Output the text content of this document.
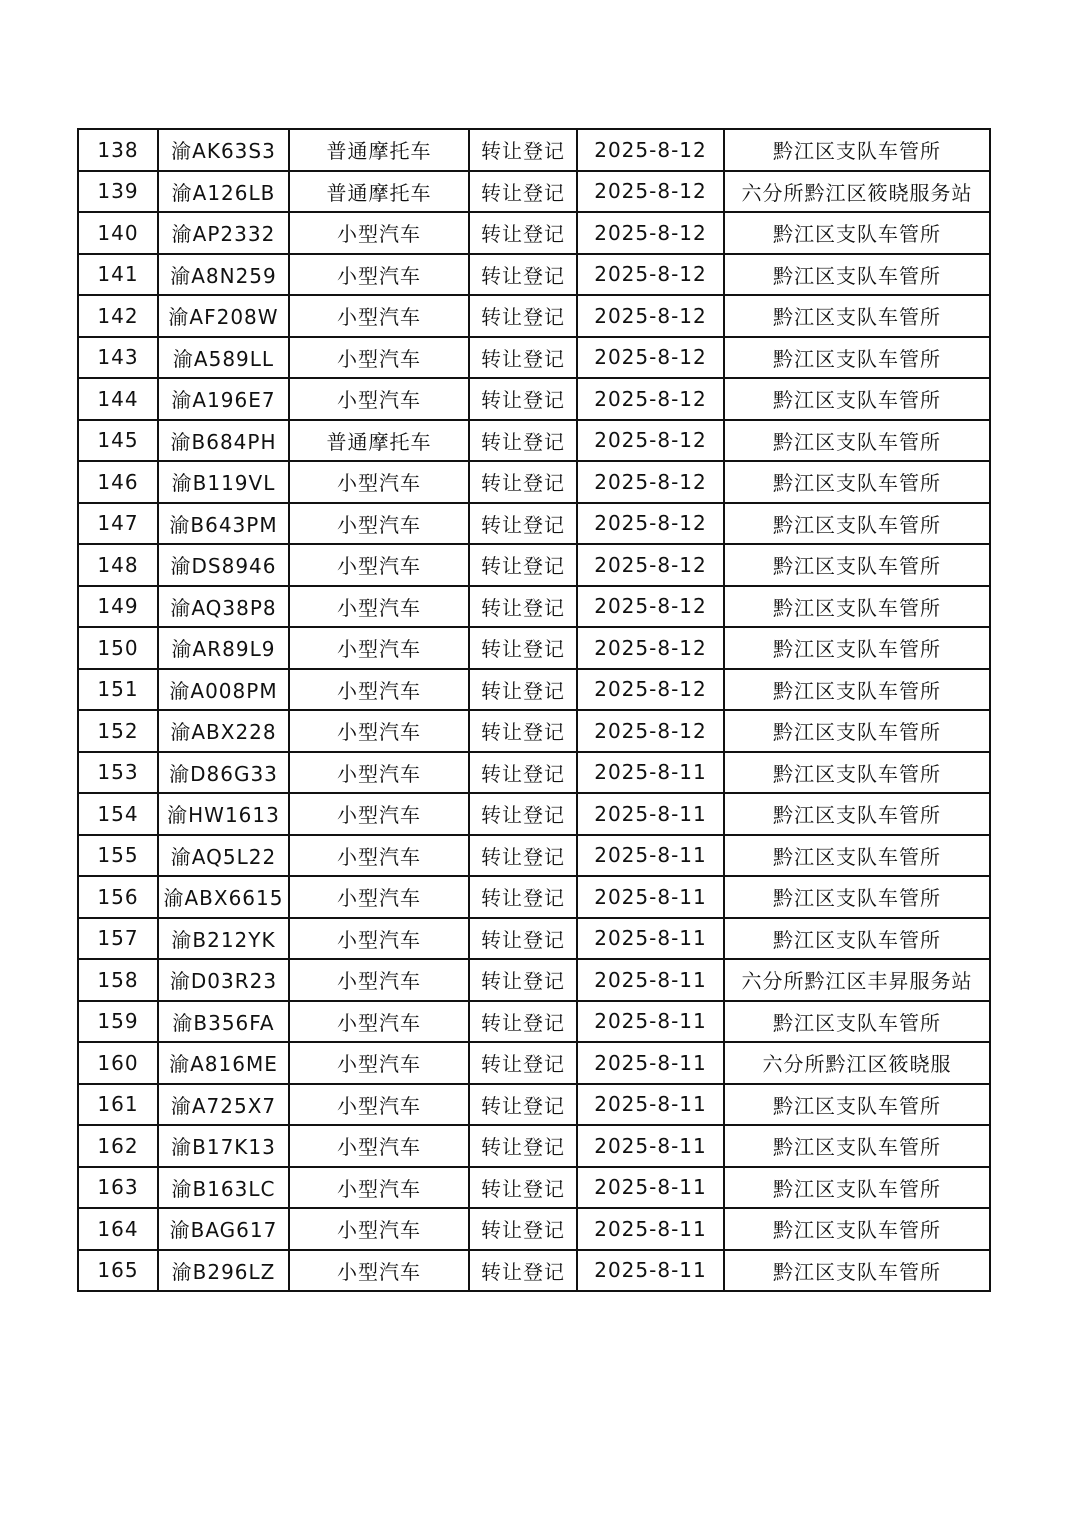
138	渝AK63S3	普通摩托车	转让登记	2025-8-12	黔江区支队车管所
139	渝A126LB	普通摩托车	转让登记	2025-8-12	六分所黔江区筱晓服务站
140	渝AP2332	小型汽车	转让登记	2025-8-12	黔江区支队车管所
141	渝A8N259	小型汽车	转让登记	2025-8-12	黔江区支队车管所
142	渝AF208W	小型汽车	转让登记	2025-8-12	黔江区支队车管所
143	渝A589LL	小型汽车	转让登记	2025-8-12	黔江区支队车管所
144	渝A196E7	小型汽车	转让登记	2025-8-12	黔江区支队车管所
145	渝B684PH	普通摩托车	转让登记	2025-8-12	黔江区支队车管所
146	渝B119VL	小型汽车	转让登记	2025-8-12	黔江区支队车管所
147	渝B643PM	小型汽车	转让登记	2025-8-12	黔江区支队车管所
148	渝DS8946	小型汽车	转让登记	2025-8-12	黔江区支队车管所
149	渝AQ38P8	小型汽车	转让登记	2025-8-12	黔江区支队车管所
150	渝AR89L9	小型汽车	转让登记	2025-8-12	黔江区支队车管所
151	渝A008PM	小型汽车	转让登记	2025-8-12	黔江区支队车管所
152	渝ABX228	小型汽车	转让登记	2025-8-12	黔江区支队车管所
153	渝D86G33	小型汽车	转让登记	2025-8-11	黔江区支队车管所
154	渝HW1613	小型汽车	转让登记	2025-8-11	黔江区支队车管所
155	渝AQ5L22	小型汽车	转让登记	2025-8-11	黔江区支队车管所
156	渝ABX6615	小型汽车	转让登记	2025-8-11	黔江区支队车管所
157	渝B212YK	小型汽车	转让登记	2025-8-11	黔江区支队车管所
158	渝D03R23	小型汽车	转让登记	2025-8-11	六分所黔江区丰昇服务站
159	渝B356FA	小型汽车	转让登记	2025-8-11	黔江区支队车管所
160	渝A816ME	小型汽车	转让登记	2025-8-11	六分所黔江区筱晓服
161	渝A725X7	小型汽车	转让登记	2025-8-11	黔江区支队车管所
162	渝B17K13	小型汽车	转让登记	2025-8-11	黔江区支队车管所
163	渝B163LC	小型汽车	转让登记	2025-8-11	黔江区支队车管所
164	渝BAG617	小型汽车	转让登记	2025-8-11	黔江区支队车管所
165	渝B296LZ	小型汽车	转让登记	2025-8-11	黔江区支队车管所
